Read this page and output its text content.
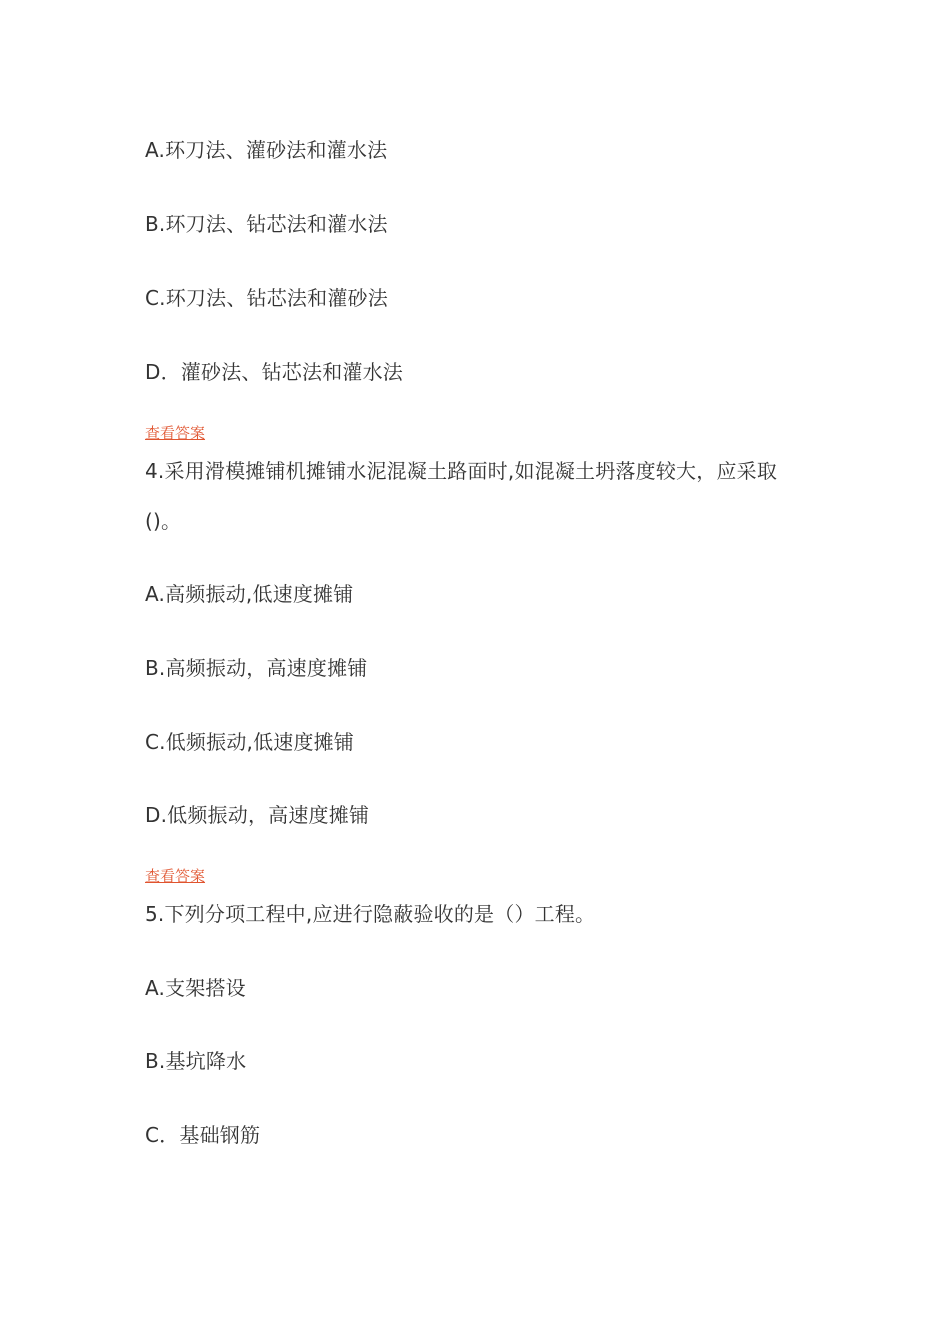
A.环刀法、灌砂法和灌水法
B.环刀法、钻芯法和灌水法
C.环刀法、钻芯法和灌砂法
D．灌砂法、钻芯法和灌水法
查看答案
4.采用滑模摊铺机摊铺水泥混凝土路面时,如混凝土坍落度较大，应采取
()。
A.高频振动,低速度摊铺
B.高频振动，高速度摊铺
C.低频振动,低速度摊铺
D.低频振动，高速度摊铺
查看答案
5.下列分项工程中,应进行隐蔽验收的是（）工程。
A.支架搭设
B.基坑降水
C．基础钢筋
